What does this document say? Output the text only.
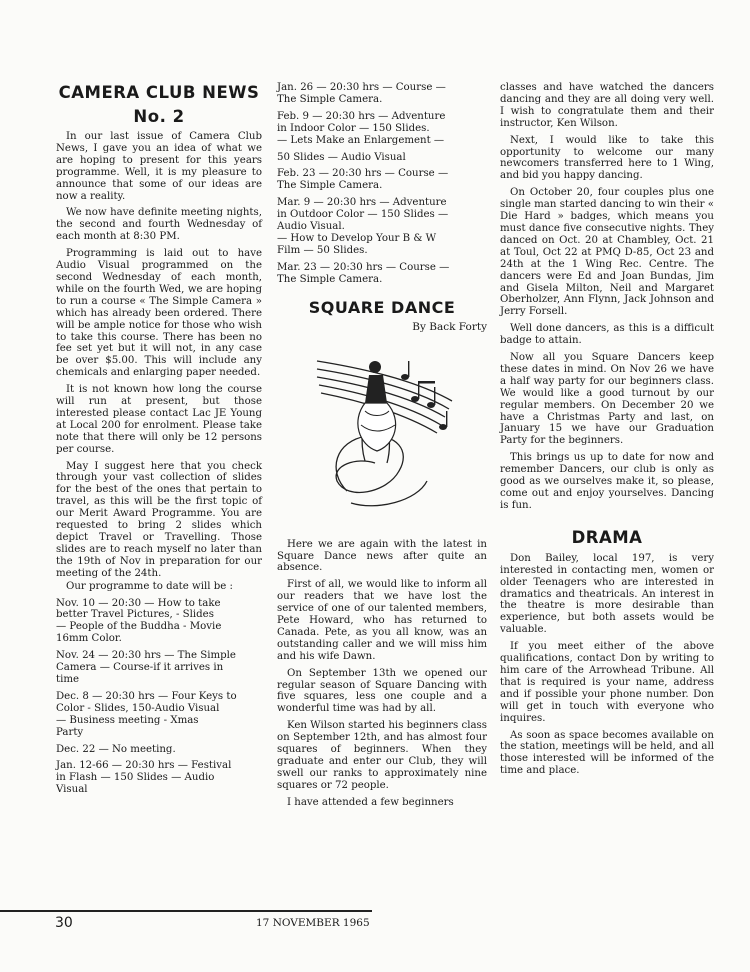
CAMERA CLUB NEWS
No. 2

In our last issue of Camera Club News, I gave you an idea of what we are hoping to present for this years programme. Well, it is my pleasure to announce that some of our ideas are now a reality.

We now have definite meeting nights, the second and fourth Wednesday of each month at 8:30 PM.

Programming is laid out to have Audio Visual programmed on the second Wednesday of each month, while on the fourth Wed, we are hoping to run a course « The Simple Camera » which has already been ordered. There will be ample notice for those who wish to take this course. There has been no fee set yet but it will not, in any case be over $5.00. This will include any chemicals and enlarging paper needed.

It is not known how long the course will run at present, but those interested please contact Lac JE Young at Local 200 for enrolment. Please take note that there will only be 12 persons per course.

May I suggest here that you check through your vast collection of slides for the best of the ones that pertain to travel, as this will be the first topic of our Merit Award Programme. You are requested to bring 2 slides which depict Travel or Travelling. Those slides are to reach myself no later than the 19th of Nov in preparation for our meeting of the 24th.

Our programme to date will be :

Nov. 10 — 20:30 — How to take
better Travel Pictures, - Slides
— People of the Buddha - Movie
16mm Color.
Nov. 24 — 20:30 hrs — The Simple
Camera — Course-if it arrives in
time
Dec. 8 — 20:30 hrs — Four Keys to
Color - Slides, 150-Audio Visual
— Business meeting - Xmas
Party
Dec. 22 — No meeting.
Jan. 12-66 — 20:30 hrs — Festival
in Flash — 150 Slides — Audio
Visual
Jan. 26 — 20:30 hrs — Course —
The Simple Camera.
Feb. 9 — 20:30 hrs — Adventure
in Indoor Color — 150 Slides.
— Lets Make an Enlargement —
50 Slides — Audio Visual
Feb. 23 — 20:30 hrs — Course —
The Simple Camera.
Mar. 9 — 20:30 hrs — Adventure
in Outdoor Color — 150 Slides —
Audio Visual.
— How to Develop Your B & W
Film — 50 Slides.
Mar. 23 — 20:30 hrs — Course —
The Simple Camera.
SQUARE DANCE
By Back Forty

Here we are again with the latest in Square Dance news after quite an absence.

First of all, we would like to inform all our readers that we have lost the service of one of our talented members, Pete Howard, who has returned to Canada. Pete, as you all know, was an outstanding caller and we will miss him and his wife Dawn.

On September 13th we opened our regular season of Square Dancing with five squares, less one couple and a wonderful time was had by all.

Ken Wilson started his beginners class on September 12th, and has almost four squares of beginners. When they graduate and enter our Club, they will swell our ranks to approximately nine squares or 72 people.

I have attended a few beginners

classes and have watched the dancers dancing and they are all doing very well. I wish to congratulate them and their instructor, Ken Wilson.

Next, I would like to take this opportunity to welcome our many newcomers transferred here to 1 Wing, and bid you happy dancing.

On October 20, four couples plus one single man started dancing to win their « Die Hard » badges, which means you must dance five consecutive nights. They danced on Oct. 20 at Chambley, Oct. 21 at Toul, Oct 22 at PMQ D-85, Oct 23 and 24th at the 1 Wing Rec. Centre. The dancers were Ed and Joan Bundas, Jim and Gisela Milton, Neil and Margaret Oberholzer, Ann Flynn, Jack Johnson and Jerry Forsell.

Well done dancers, as this is a difficult badge to attain.

Now all you Square Dancers keep these dates in mind. On Nov 26 we have a half way party for our beginners class. We would like a good turnout by our regular members. On December 20 we have a Christmas Party and last, on January 15 we have our Graduation Party for the beginners.

This brings us up to date for now and remember Dancers, our club is only as good as we ourselves make it, so please, come out and enjoy yourselves. Dancing is fun.

DRAMA

Don Bailey, local 197, is very interested in contacting men, women or older Teenagers who are interested in dramatics and theatricals. An interest in the theatre is more desirable than experience, but both assets would be valuable.

If you meet either of the above qualifications, contact Don by writing to him care of the Arrowhead Tribune. All that is required is your name, address and if possible your phone number. Don will get in touch with everyone who inquires.

As soon as space becomes available on the station, meetings will be held, and all those interested will be informed of the time and place.

30	17 NOVEMBER 1965
